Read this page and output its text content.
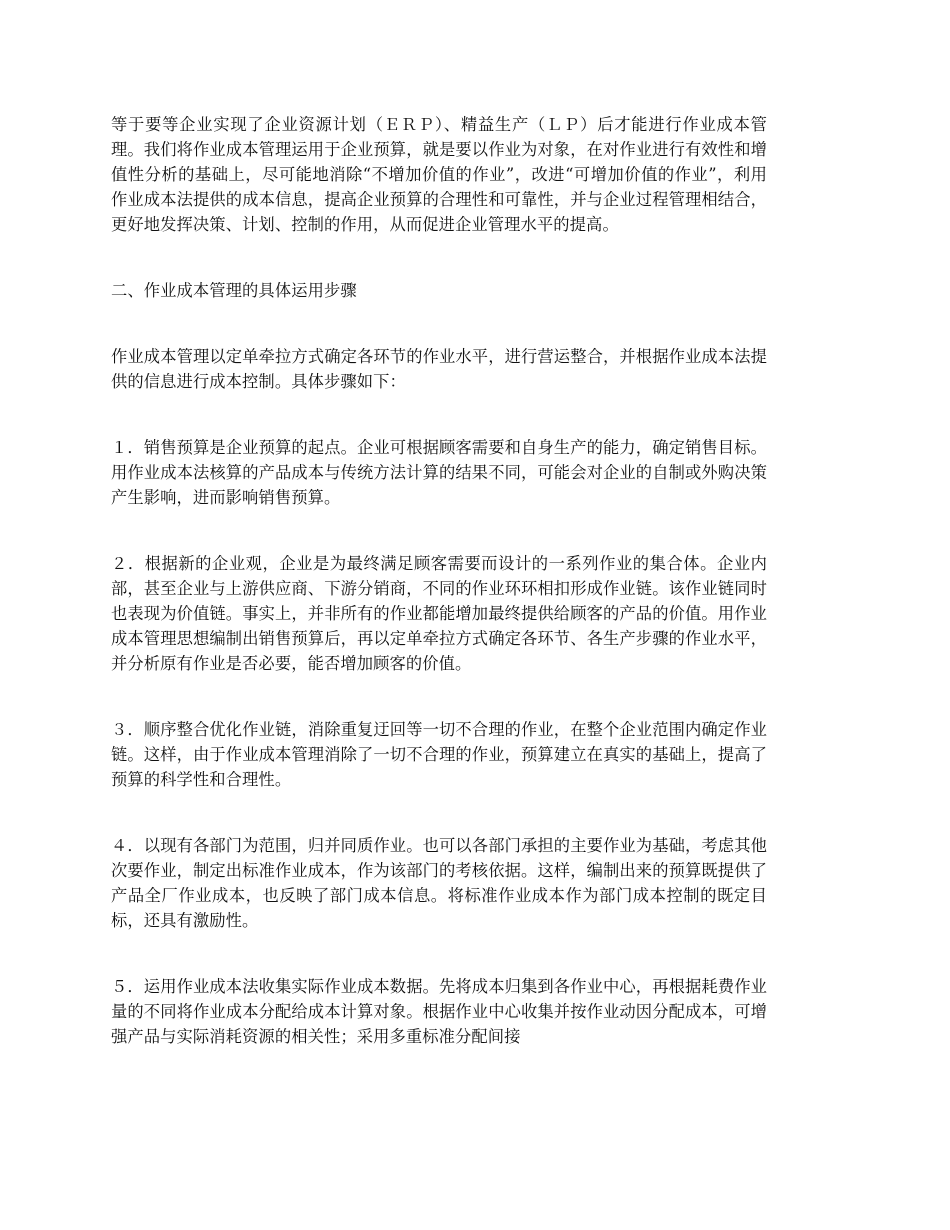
等于要等企业实现了企业资源计划（ＥＲＰ）、精益生产（ＬＰ）后才能进行作业成本管理。我们将作业成本管理运用于企业预算，就是要以作业为对象，在对作业进行有效性和增值性分析的基础上，尽可能地消除“不增加价值的作业”，改进“可增加价值的作业”，利用作业成本法提供的成本信息，提高企业预算的合理性和可靠性，并与企业过程管理相结合，更好地发挥决策、计划、控制的作用，从而促进企业管理水平的提高。

二、作业成本管理的具体运用步骤

作业成本管理以定单牵拉方式确定各环节的作业水平，进行营运整合，并根据作业成本法提供的信息进行成本控制。具体步骤如下：

１．销售预算是企业预算的起点。企业可根据顾客需要和自身生产的能力，确定销售目标。用作业成本法核算的产品成本与传统方法计算的结果不同，可能会对企业的自制或外购决策产生影响，进而影响销售预算。

２．根据新的企业观，企业是为最终满足顾客需要而设计的一系列作业的集合体。企业内部，甚至企业与上游供应商、下游分销商，不同的作业环环相扣形成作业链。该作业链同时也表现为价值链。事实上，并非所有的作业都能增加最终提供给顾客的产品的价值。用作业成本管理思想编制出销售预算后，再以定单牵拉方式确定各环节、各生产步骤的作业水平，并分析原有作业是否必要，能否增加顾客的价值。

３．顺序整合优化作业链，消除重复迂回等一切不合理的作业，在整个企业范围内确定作业链。这样，由于作业成本管理消除了一切不合理的作业，预算建立在真实的基础上，提高了预算的科学性和合理性。

４．以现有各部门为范围，归并同质作业。也可以各部门承担的主要作业为基础，考虑其他次要作业，制定出标准作业成本，作为该部门的考核依据。这样，编制出来的预算既提供了产品全厂作业成本，也反映了部门成本信息。将标准作业成本作为部门成本控制的既定目标，还具有激励性。

５．运用作业成本法收集实际作业成本数据。先将成本归集到各作业中心，再根据耗费作业量的不同将作业成本分配给成本计算对象。根据作业中心收集并按作业动因分配成本，可增强产品与实际消耗资源的相关性；采用多重标准分配间接
